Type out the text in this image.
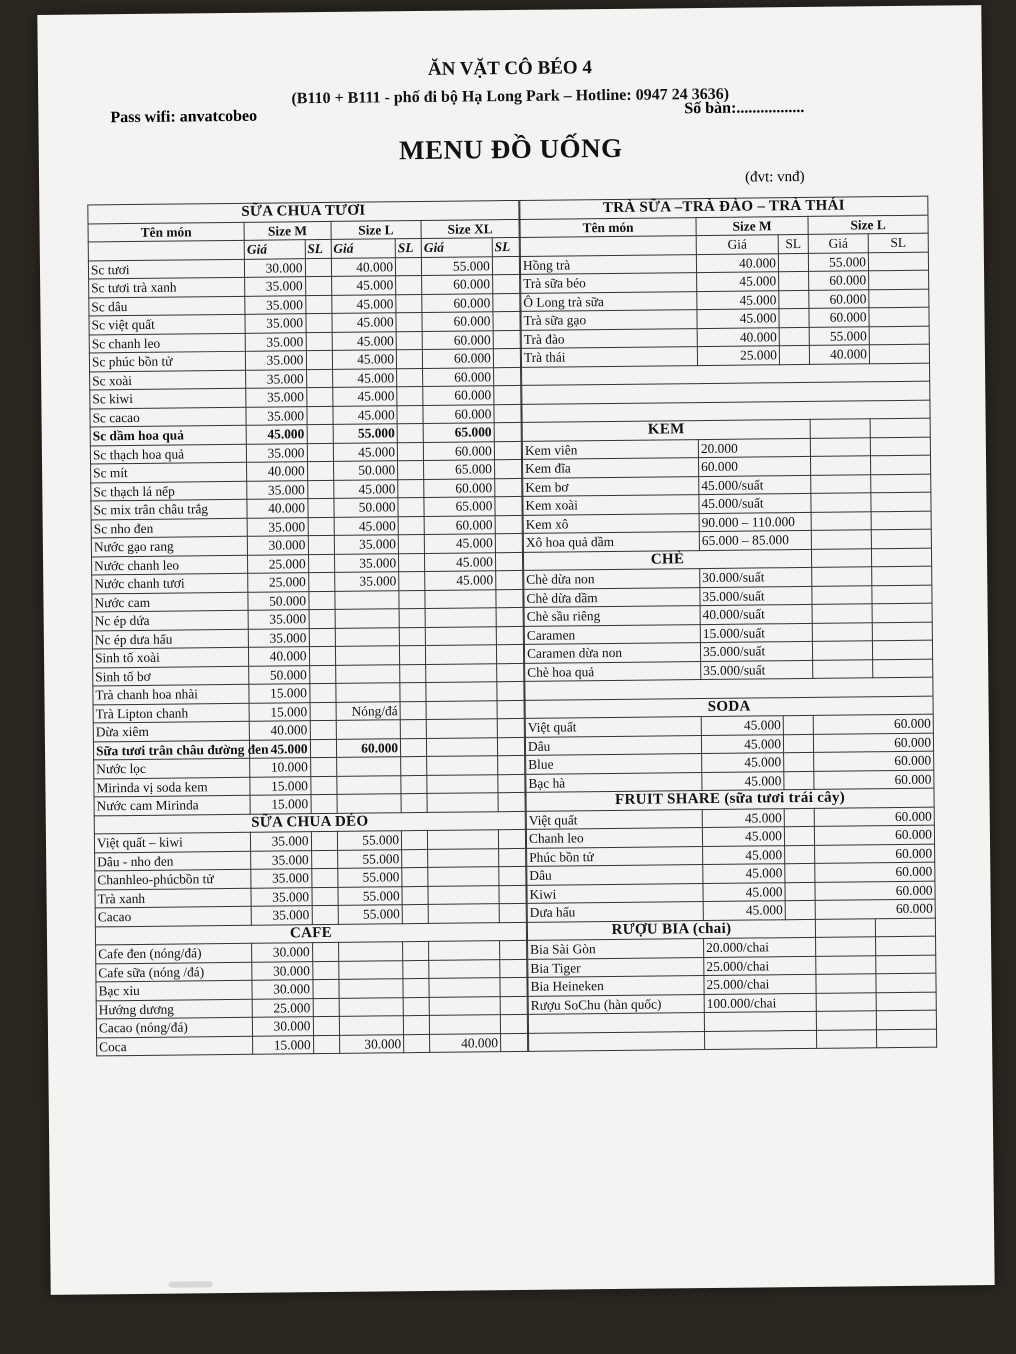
ĂN VẶT CÔ BÉO 4
(B110 + B111 - phố đi bộ Hạ Long Park – Hotline: 0947 24 3636)
Pass wifi: anvatcobeo	Số bàn:.................
MENU ĐỒ UỐNG
(đvt: vnđ)
SỮA CHUA TƯƠI						
Tên món	Size M		Size L		Size XL	
	Giá	SL	Giá	SL	Giá	SL
Sc tươi	30.000		40.000		55.000	
Sc tươi trà xanh	35.000		45.000		60.000	
Sc dâu	35.000		45.000		60.000	
Sc việt quất	35.000		45.000		60.000	
Sc chanh leo	35.000		45.000		60.000	
Sc phúc bồn tử	35.000		45.000		60.000	
Sc xoài	35.000		45.000		60.000	
Sc kiwi	35.000		45.000		60.000	
Sc cacao	35.000		45.000		60.000	
Sc dầm hoa quả	45.000		55.000		65.000	
Sc thạch hoa quả	35.000		45.000		60.000	
Sc mít	40.000		50.000		65.000	
Sc thạch lá nếp	35.000		45.000		60.000	
Sc mix trân châu trắg	40.000		50.000		65.000	
Sc nho đen	35.000		45.000		60.000	
Nước gạo rang	30.000		35.000		45.000	
Nước chanh leo	25.000		35.000		45.000	
Nước chanh tươi	25.000		35.000		45.000	
Nước cam	50.000					
Nc ép dứa	35.000					
Nc ép dưa hấu	35.000					
Sinh tố xoài	40.000					
Sinh tố bơ	50.000					
Trà chanh hoa nhài	15.000					
Trà Lipton chanh	15.000		Nóng/đá			
Dừa xiêm	40.000					
Sữa tươi trân châu đường đen	45.000		60.000			
Nước lọc	10.000					
Mirinda vị soda kem	15.000					
Nước cam Mirinda	15.000					
SỮA CHUA DẺO						
Việt quất – kiwi	35.000		55.000			
Dâu - nho đen	35.000		55.000			
Chanhleo-phúcbồn tử	35.000		55.000			
Trà xanh	35.000		55.000			
Cacao	35.000		55.000			
CAFE						
Cafe đen (nóng/đá)	30.000					
Cafe sữa (nóng /đá)	30.000					
Bạc xỉu	30.000					
Hướng dương	25.000					
Cacao (nóng/đá)	30.000					
Coca	15.000		30.000		40.000	
TRÀ SỮA –TRÀ ĐÀO – TRÀ THÁI				
Tên món	Size M		Size L	
	Giá	SL	Giá	SL
Hồng trà	40.000		55.000	
Trà sữa béo	45.000		60.000	
Ô Long trà sữa	45.000		60.000	
Trà sữa gạo	45.000		60.000	
Trà đào	40.000		55.000	
Trà thái	25.000		40.000	

KEM				
Kem viên	20.000			
Kem đĩa	60.000			
Kem bơ	45.000/suất			
Kem xoài	45.000/suất			
Kem xô	90.000 – 110.000			
Xô hoa quả dầm	65.000 – 85.000			
CHÈ				
Chè dừa non	30.000/suất			
Chè dừa dầm	35.000/suất			
Chè sầu riêng	40.000/suất			
Caramen	15.000/suất			
Caramen dừa non	35.000/suất			
Chè hoa quả	35.000/suất			

SODA				
Việt quất	45.000		60.000	
Dâu	45.000		60.000	
Blue	45.000		60.000	
Bạc hà	45.000		60.000	
FRUIT SHARE (sữa tươi trái cây)				
Việt quất	45.000		60.000	
Chanh leo	45.000		60.000	
Phúc bồn tử	45.000		60.000	
Dâu	45.000		60.000	
Kiwi	45.000		60.000	
Dưa hấu	45.000		60.000	
RƯỢU BIA (chai)				
Bia Sài Gòn	20.000/chai			
Bia Tiger	25.000/chai			
Bia Heineken	25.000/chai			
Rượu SoChu (hàn quốc)	100.000/chai			
